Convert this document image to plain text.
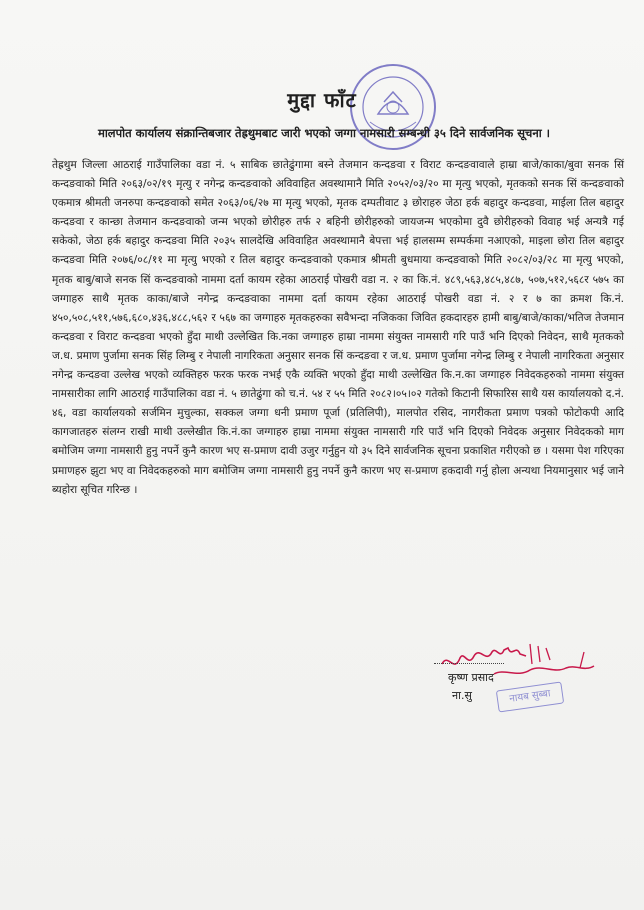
मुद्दा फाँट
मालपोत कार्यालय संक्रान्तिबजार तेह्रथुमबाट जारी भएको जग्गा नामसारी सम्बन्धी ३५ दिने सार्वजनिक सूचना ।

तेह्रथुम जिल्ला आठराई गाउँपालिका वडा नं. ५ साबिक छातेढुंगामा बस्ने तेजमान कन्दङवा र विराट कन्दङवावाले हाम्रा बाजे/काका/बुवा सनक सिं कन्दङवाको मिति २०६३/०२/१९ मृत्यु र नगेन्द्र कन्दङवाको अविवाहित अवस्थामानै मिति २०५२/०३/२० मा मृत्यु भएको, मृतकको सनक सिं कन्दङवाको एकमात्र श्रीमती जनरुपा कन्दङवाको समेत २०६३/०६/२७ मा मृत्यु भएको, मृतक दम्पतीवाट ३ छोराहरु जेठा हर्क बहादुर कन्दङवा, माईला तिल बहादुर कन्दङवा र कान्छा तेजमान कन्दङवाको जन्म भएको छोरीहरु तर्फ २ बहिनी छोरीहरुको जायजन्म भएकोमा दुवै छोरीहरुको विवाह भई अन्यत्रै गई सकेको, जेठा हर्क बहादुर कन्दङवा मिति २०३५ सालदेखि अविवाहित अवस्थामानै बेपत्ता भई हालसम्म सम्पर्कमा नआएको, माइला छोरा तिल बहादुर कन्दङवा मिति २०७६/०८/११ मा मृत्यु भएको र तिल बहादुर कन्दङवाको एकमात्र श्रीमती बुधमाया कन्दङवाको मिति २०८२/०३/२८ मा मृत्यु भएको, मृतक बाबु/बाजे सनक सिं कन्दङवाको नाममा दर्ता कायम रहेका आठराई पोखरी वडा न. २ का कि.नं. ४८९,५६३,४८५,४८७, ५०७,५१२,५६८र ५७५ का जग्गाहरु साथै मृतक काका/बाजे नगेन्द्र कन्दङवाका नाममा दर्ता कायम रहेका आठराई पोखरी वडा नं. २ र ७ का क्रमश कि.नं. ४५०,५०८,५११,५७६,६८०,४३६,४८८,५६२ र ५६७ का जग्गाहरु मृतकहरुका सवैभन्दा नजिकका जिवित हकदारहरु हामी बाबु/बाजे/काका/भतिज तेजमान कन्दङवा र विराट कन्दङवा भएको हुँदा माथी उल्लेखित कि.नका जग्गाहरु हाम्रा नाममा संयुक्त नामसारी गरि पाउँ भनि दिएको निवेदन, साथै मृतकको ज.ध. प्रमाण पुर्जामा सनक सिंह लिम्बु र नेपाली नागरिकता अनुसार सनक सिं कन्दङवा र ज.ध. प्रमाण पुर्जामा नगेन्द्र लिम्बु र नेपाली नागरिकता अनुसार नगेन्द्र कन्दङवा उल्लेख भएको व्यक्तिहरु फरक फरक नभई एकै व्यक्ति भएको हुँदा माथी उल्लेखित कि.न.का जग्गाहरु निवेदकहरुको नाममा संयुक्त नामसारीका लागि आठराई गाउँपालिका वडा नं. ५ छातेढुंगा को च.नं. ५४ र ५५ मिति २०८२।०५।०२ गतेको किटानी सिफारिस साथै यस कार्यालयको द.नं. ४६, वडा कार्यालयको सर्जमिन मुचुल्का, सक्कल जग्गा धनी प्रमाण पूर्जा (प्रतिलिपी), मालपोत रसिद, नागरीकता प्रमाण पत्रको फोटोकपी आदि कागजातहरु संलग्न राखी माथी उल्लेखीत कि.नं.का जग्गाहरु हाम्रा नाममा संयुक्त नामसारी गरि पाउँ भनि दिएको निवेदक अनुसार निवेदकको माग बमोजिम जग्गा नामसारी हुनु नपर्ने कुनै कारण भए स-प्रमाण दावी उजुर गर्नुहुन यो ३५ दिने सार्वजनिक सूचना प्रकाशित गरीएको छ । यसमा पेश गरिएका प्रमाणहरु झुटा भए वा निवेदकहरुको माग बमोजिम जग्गा नामसारी हुनु नपर्ने कुनै कारण भए स-प्रमाण हकदावी गर्नु होला अन्यथा नियमानुसार भई जाने ब्यहोरा सूचित गरिन्छ ।

कृष्ण प्रसाद
ना.सु	नायब सुब्बा
